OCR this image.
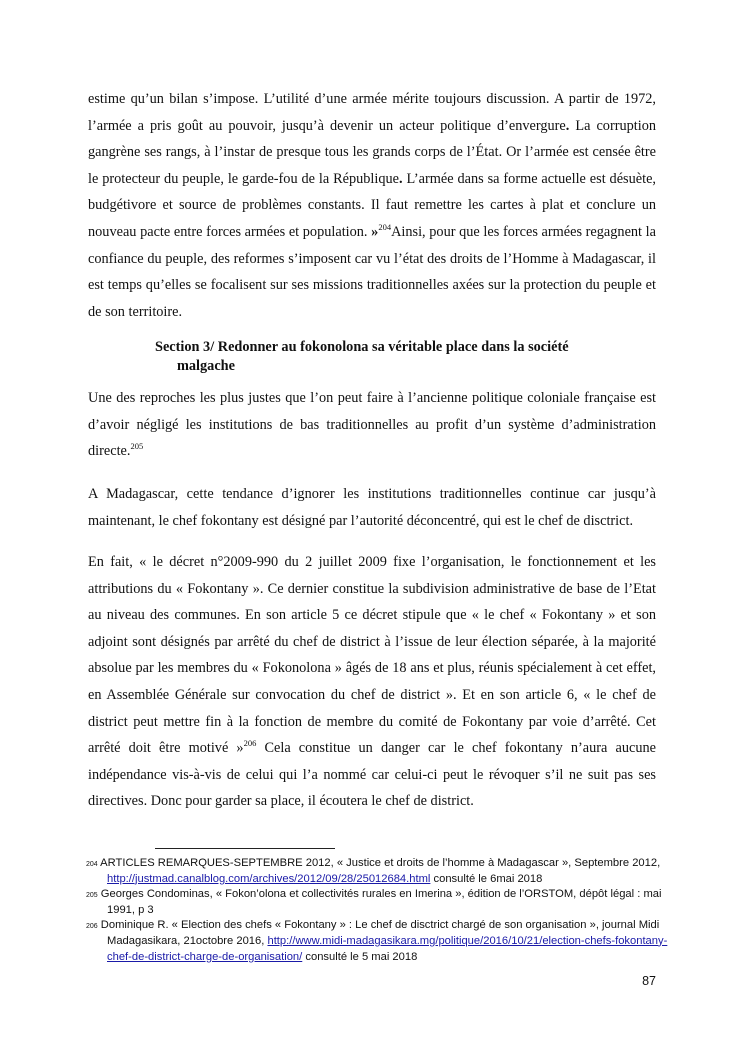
estime qu’un bilan s’impose. L’utilité d’une armée mérite toujours discussion. A partir de 1972, l’armée a pris goût au pouvoir, jusqu’à devenir un acteur politique d’envergure. La corruption gangrène ses rangs, à l’instar de presque tous les grands corps de l’État. Or l’armée est censée être le protecteur du peuple, le garde-fou de la République. L’armée dans sa forme actuelle est désuète, budgétivore et source de problèmes constants. Il faut remettre les cartes à plat et conclure un nouveau pacte entre forces armées et population. »$^{204}$Ainsi, pour que les forces armées regagnent la confiance du peuple, des reformes s’imposent car vu l’état des droits de l’Homme à Madagascar, il est temps qu’elles se focalisent sur ses missions traditionnelles axées sur la protection du peuple et de son territoire.

Section 3/ Redonner au fokonolona sa véritable place dans la société
malgache

Une des reproches les plus justes que l’on peut faire à l’ancienne politique coloniale française est d’avoir négligé les institutions de bas traditionnelles au profit d’un système d’administration directe.$^{205}$

A Madagascar, cette tendance d’ignorer les institutions traditionnelles continue car jusqu’à maintenant, le chef fokontany est désigné par l’autorité déconcentré, qui est le chef de disctrict.

En fait, « le décret n°2009-990 du 2 juillet 2009 fixe l’organisation, le fonctionnement et les attributions du « Fokontany ». Ce dernier constitue la subdivision administrative de base de l’Etat au niveau des communes. En son article 5 ce décret stipule que « le chef « Fokontany » et son adjoint sont désignés par arrêté du chef de district à l’issue de leur élection séparée, à la majorité absolue par les membres du « Fokonolona » âgés de 18 ans et plus, réunis spécialement à cet effet, en Assemblée Générale sur convocation du chef de district ». Et en son article 6, « le chef de district peut mettre fin à la fonction de membre du comité de Fokontany par voie d’arrêté. Cet arrêté doit être motivé »$^{206}$ Cela constitue un danger car le chef fokontany n’aura aucune indépendance vis-à-vis de celui qui l’a nommé car celui-ci peut le révoquer s’il ne suit pas ses directives. Donc pour garder sa place, il écoutera le chef de district.

$^{204}$ ARTICLES REMARQUES-SEPTEMBRE 2012, « Justice et droits de l’homme à Madagascar », Septembre 2012, http://justmad.canalblog.com/archives/2012/09/28/25012684.html consulté le 6mai 2018

$^{205}$ Georges Condominas, « Fokon’olona et collectivités rurales en Imerina », édition de l’ORSTOM, dépôt légal : mai 1991, p 3

$^{206}$ Dominique R. « Election des chefs « Fokontany » : Le chef de disctrict chargé de son organisation », journal Midi Madagasikara, 21octobre 2016, http://www.midi-madagasikara.mg/politique/2016/10/21/election-chefs-fokontany-chef-de-district-charge-de-organisation/ consulté le 5 mai 2018

87
